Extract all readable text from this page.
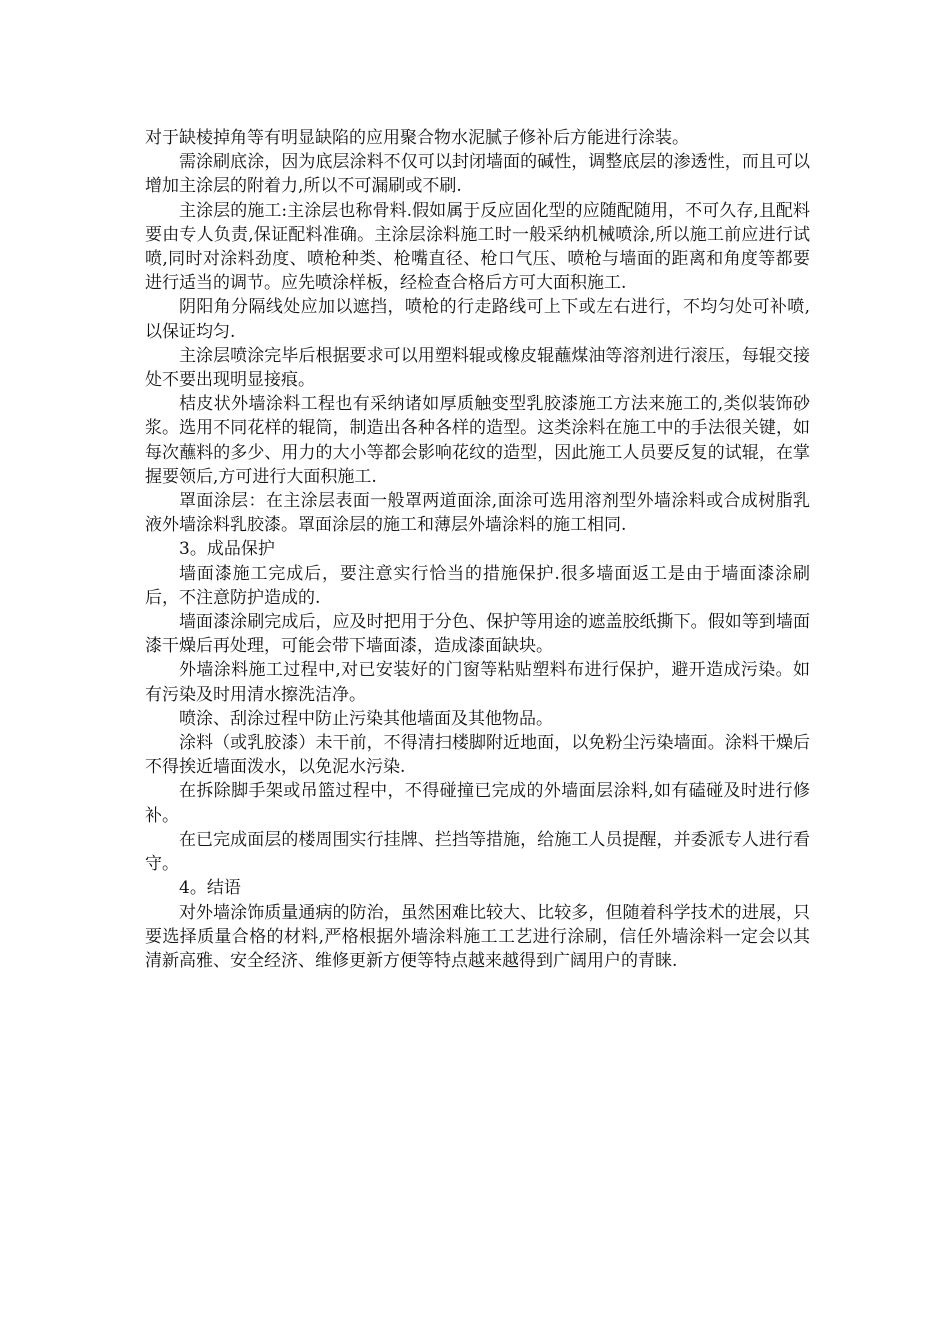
对于缺棱掉角等有明显缺陷的应用聚合物水泥腻子修补后方能进行涂装。

需涂刷底涂，因为底层涂料不仅可以封闭墙面的碱性，调整底层的渗透性，而且可以增加主涂层的附着力,所以不可漏刷或不刷.

主涂层的施工:主涂层也称骨料.假如属于反应固化型的应随配随用，不可久存,且配料要由专人负责,保证配料准确。主涂层涂料施工时一般采纳机械喷涂,所以施工前应进行试喷,同时对涂料劲度、喷枪种类、枪嘴直径、枪口气压、喷枪与墙面的距离和角度等都要进行适当的调节。应先喷涂样板，经检查合格后方可大面积施工.

阴阳角分隔线处应加以遮挡，喷枪的行走路线可上下或左右进行，不均匀处可补喷,以保证均匀.

主涂层喷涂完毕后根据要求可以用塑料辊或橡皮辊蘸煤油等溶剂进行滚压，每辊交接处不要出现明显接痕。

桔皮状外墙涂料工程也有采纳诸如厚质触变型乳胶漆施工方法来施工的,类似装饰砂浆。选用不同花样的辊筒，制造出各种各样的造型。这类涂料在施工中的手法很关键，如每次蘸料的多少、用力的大小等都会影响花纹的造型，因此施工人员要反复的试辊，在掌握要领后,方可进行大面积施工.

罩面涂层：在主涂层表面一般罩两道面涂,面涂可选用溶剂型外墙涂料或合成树脂乳液外墙涂料乳胶漆。罩面涂层的施工和薄层外墙涂料的施工相同.

3。成品保护

墙面漆施工完成后，要注意实行恰当的措施保护.很多墙面返工是由于墙面漆涂刷后，不注意防护造成的.

墙面漆涂刷完成后，应及时把用于分色、保护等用途的遮盖胶纸撕下。假如等到墙面漆干燥后再处理，可能会带下墙面漆，造成漆面缺块。

外墙涂料施工过程中,对已安装好的门窗等粘贴塑料布进行保护，避开造成污染。如有污染及时用清水擦洗洁净。

喷涂、刮涂过程中防止污染其他墙面及其他物品。

涂料（或乳胶漆）未干前，不得清扫楼脚附近地面，以免粉尘污染墙面。涂料干燥后不得挨近墙面泼水，以免泥水污染.

在拆除脚手架或吊篮过程中，不得碰撞已完成的外墙面层涂料,如有磕碰及时进行修补。

在已完成面层的楼周围实行挂牌、拦挡等措施，给施工人员提醒，并委派专人进行看守。

4。结语

对外墙涂饰质量通病的防治，虽然困难比较大、比较多，但随着科学技术的进展，只要选择质量合格的材料,严格根据外墙涂料施工工艺进行涂刷，信任外墙涂料一定会以其清新高雅、安全经济、维修更新方便等特点越来越得到广阔用户的青睐.
